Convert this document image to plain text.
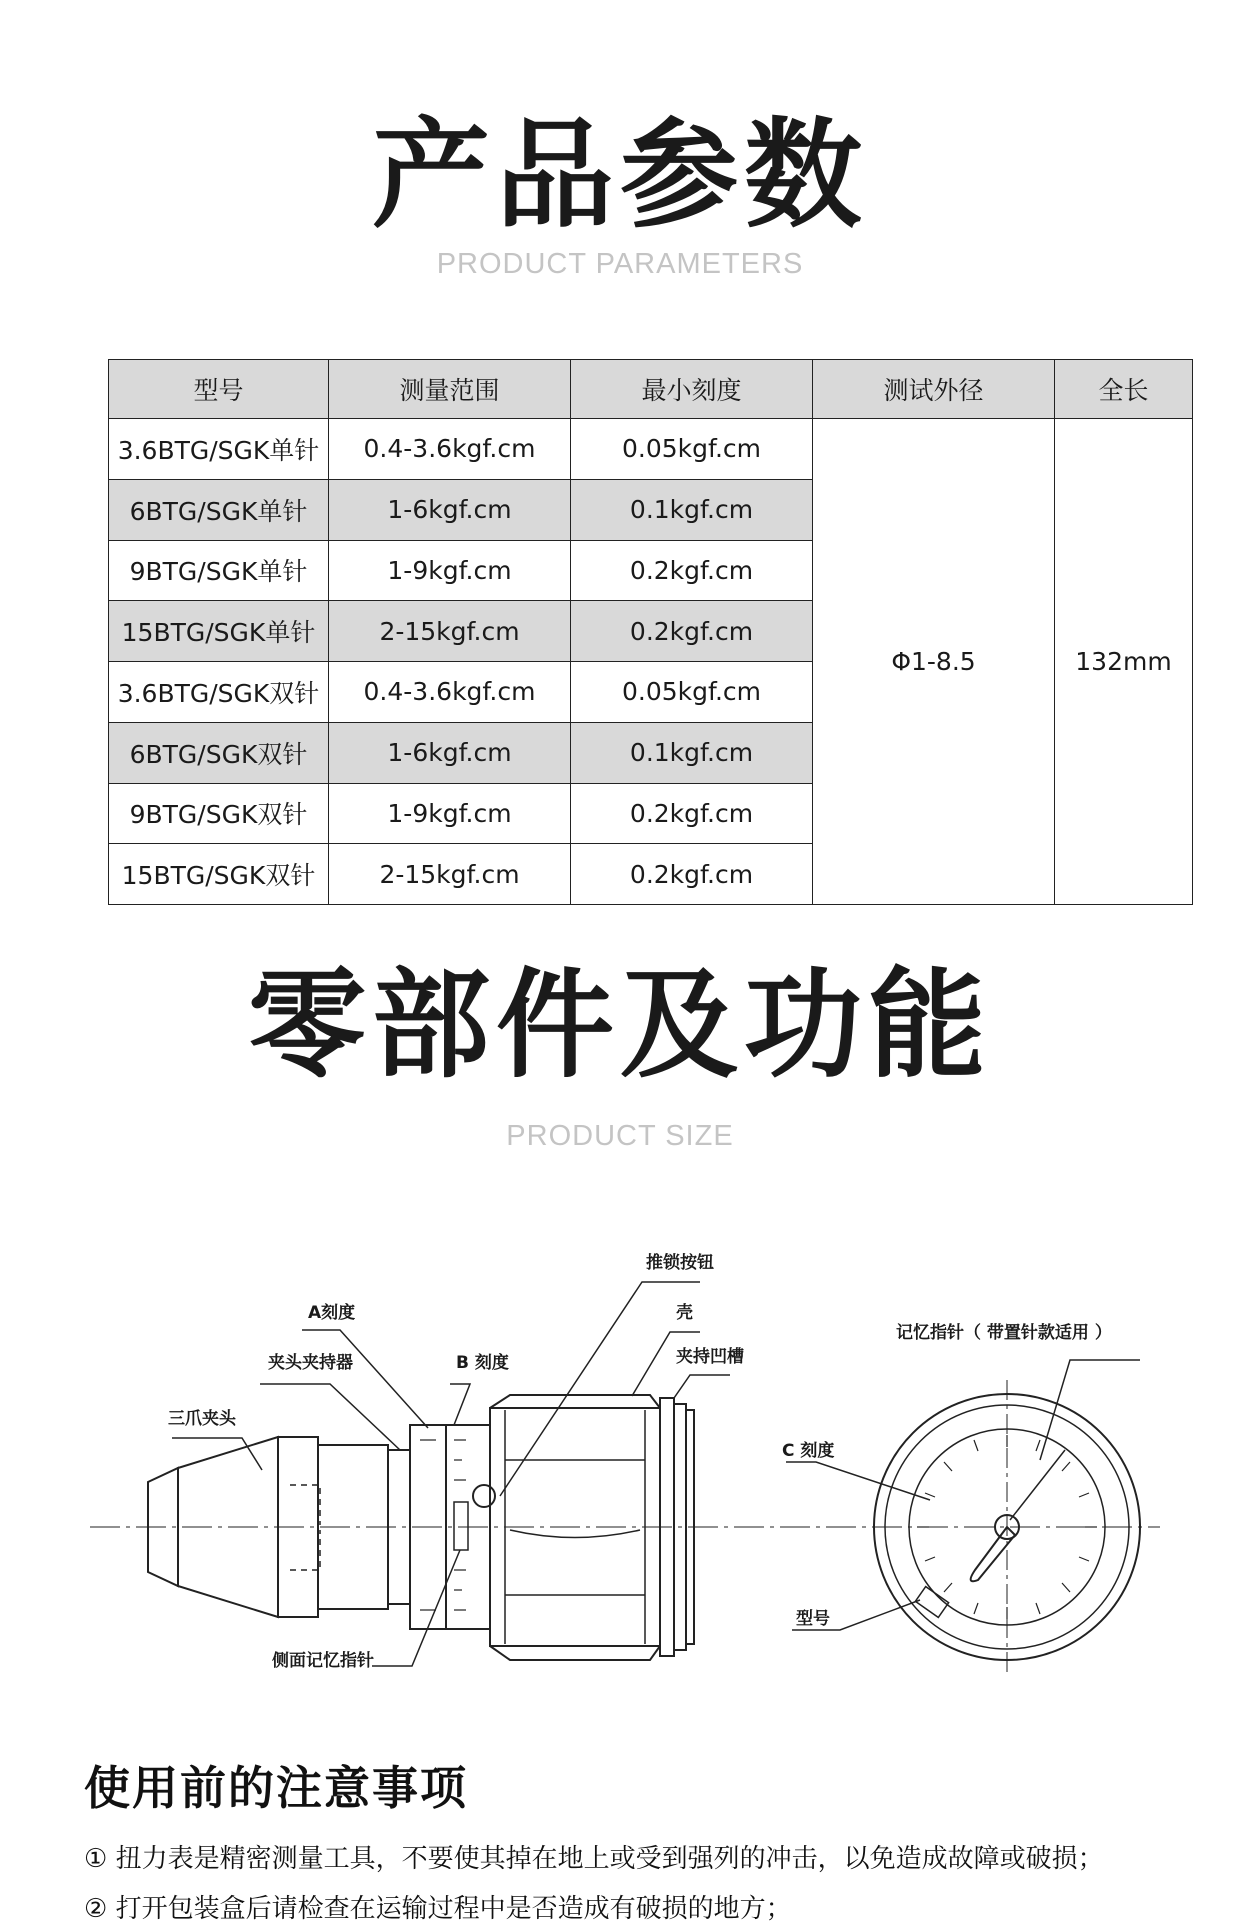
产品参数
PRODUCT PARAMETERS
型号	测量范围	最小刻度	测试外径	全长
3.6BTG/SGK单针	0.4-3.6kgf.cm	0.05kgf.cm	Φ1-8.5	132mm
6BTG/SGK单针	1-6kgf.cm	0.1kgf.cm		
9BTG/SGK单针	1-9kgf.cm	0.2kgf.cm		
15BTG/SGK单针	2-15kgf.cm	0.2kgf.cm		
3.6BTG/SGK双针	0.4-3.6kgf.cm	0.05kgf.cm		
6BTG/SGK双针	1-6kgf.cm	0.1kgf.cm		
9BTG/SGK双针	1-9kgf.cm	0.2kgf.cm		
15BTG/SGK双针	2-15kgf.cm	0.2kgf.cm		
零部件及功能
PRODUCT SIZE
推锁按钮
壳
夹持凹槽
A刻度
夹头夹持器	B 刻度
三爪夹头
记忆指针（ 带置针款适用 ）
C 刻度
侧面记忆指针
型号
使用前的注意事项
① 扭力表是精密测量工具，不要使其掉在地上或受到强列的冲击，以免造成故障或破损；
② 打开包装盒后请检查在运输过程中是否造成有破损的地方；
